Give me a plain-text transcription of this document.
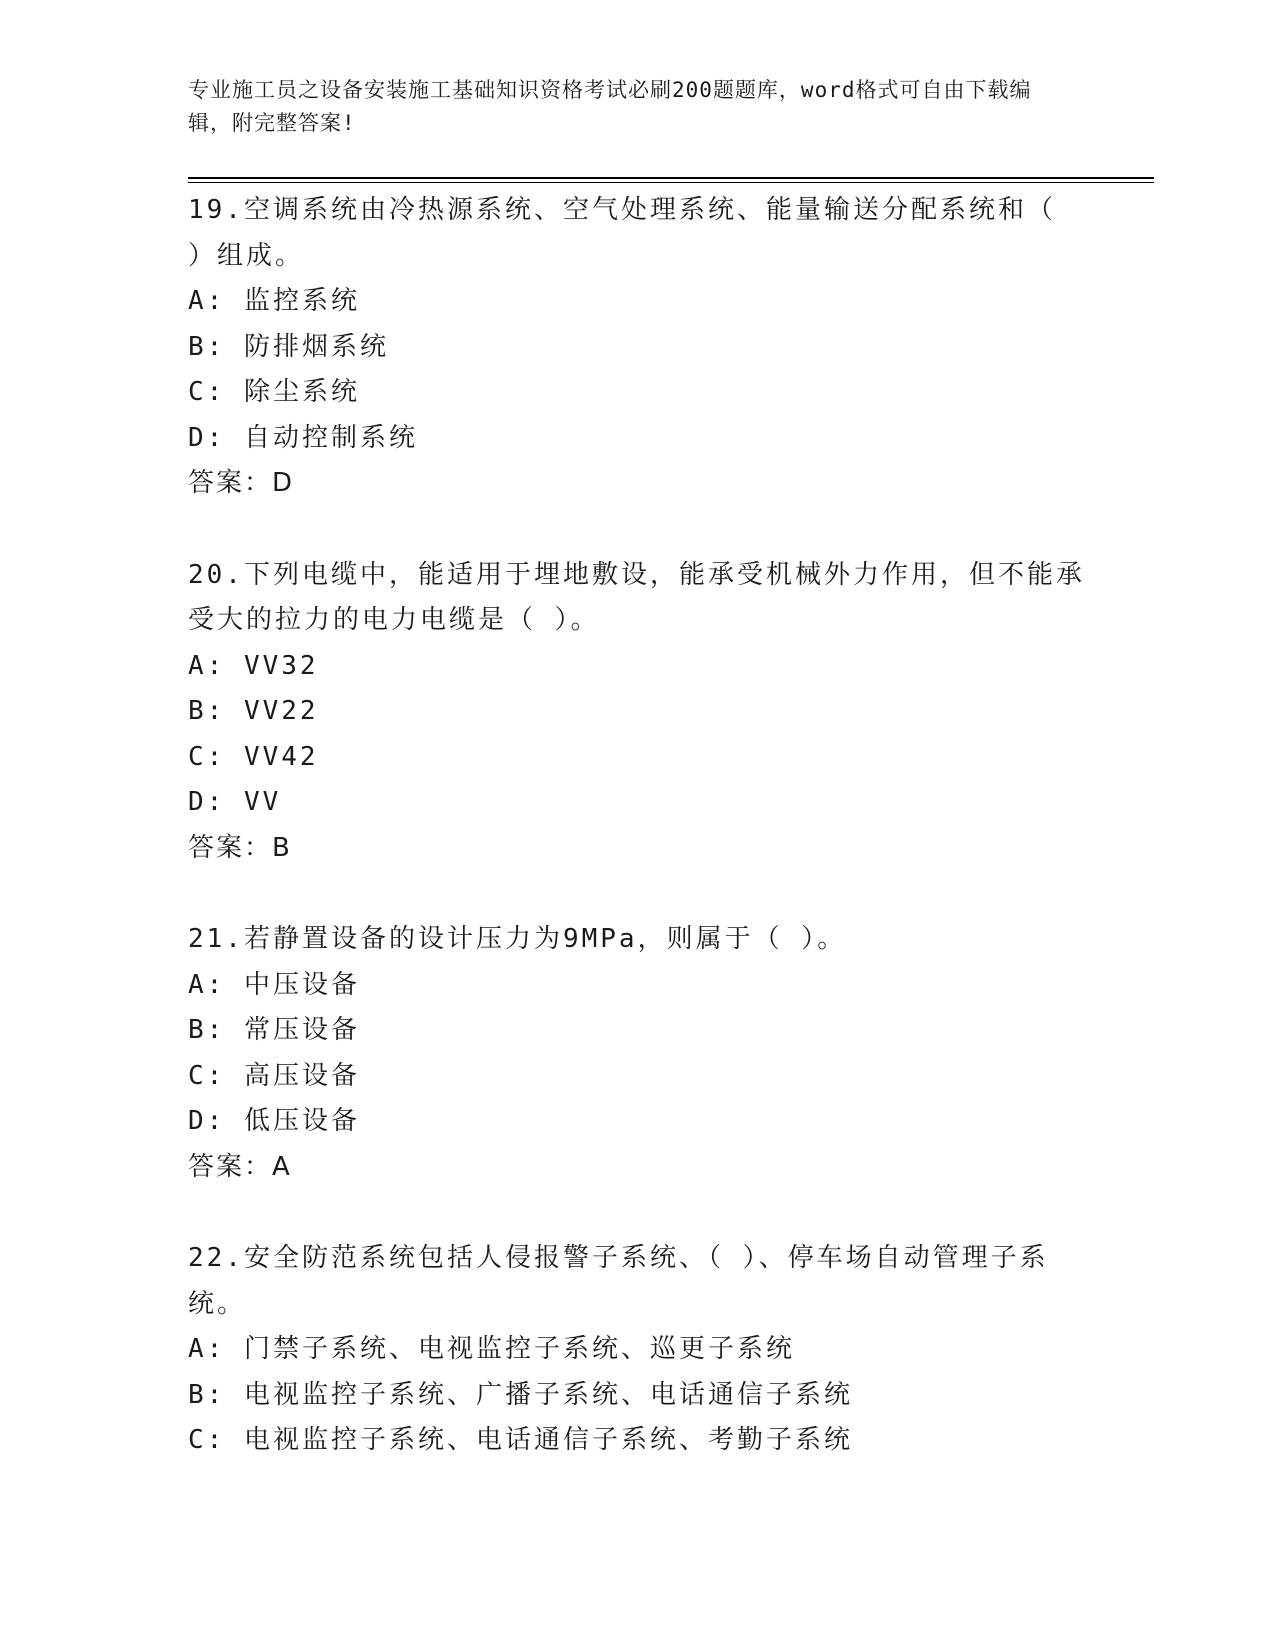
专业施工员之设备安装施工基础知识资格考试必刷200题题库，word格式可自由下载编辑，附完整答案!

19.空调系统由冷热源系统、空气处理系统、能量输送分配系统和（ ）组成。

A: 监控系统

B: 防排烟系统

C: 除尘系统

D: 自动控制系统

答案：D

20.下列电缆中，能适用于埋地敷设，能承受机械外力作用，但不能承受大的拉力的电力电缆是（ ）。

A: VV32

B: VV22

C: VV42

D: VV

答案：B

21.若静置设备的设计压力为9MPa，则属于（ ）。

A: 中压设备

B: 常压设备

C: 高压设备

D: 低压设备

答案：A

22.安全防范系统包括人侵报警子系统、（ ）、停车场自动管理子系统。

A: 门禁子系统、电视监控子系统、巡更子系统

B: 电视监控子系统、广播子系统、电话通信子系统

C: 电视监控子系统、电话通信子系统、考勤子系统
